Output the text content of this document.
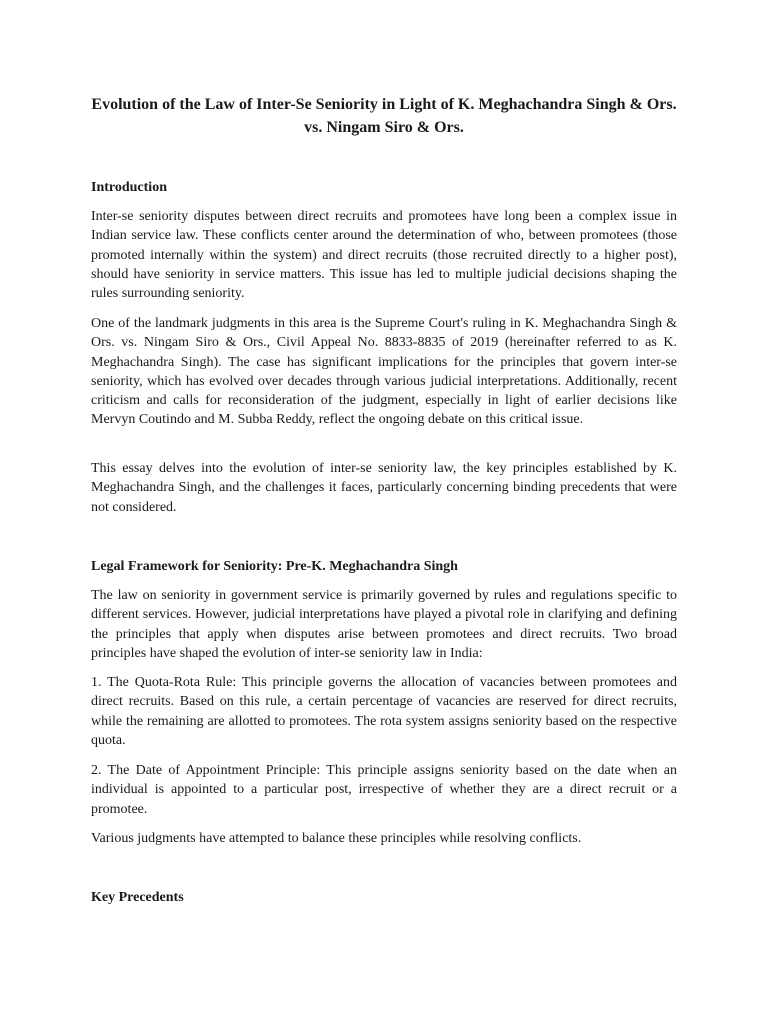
Evolution of the Law of Inter-Se Seniority in Light of K. Meghachandra Singh & Ors. vs. Ningam Siro & Ors.
Introduction

Inter-se seniority disputes between direct recruits and promotees have long been a complex issue in Indian service law. These conflicts center around the determination of who, between promotees (those promoted internally within the system) and direct recruits (those recruited directly to a higher post), should have seniority in service matters. This issue has led to multiple judicial decisions shaping the rules surrounding seniority.

One of the landmark judgments in this area is the Supreme Court's ruling in K. Meghachandra Singh & Ors. vs. Ningam Siro & Ors., Civil Appeal No. 8833-8835 of 2019 (hereinafter referred to as K. Meghachandra Singh). The case has significant implications for the principles that govern inter-se seniority, which has evolved over decades through various judicial interpretations. Additionally, recent criticism and calls for reconsideration of the judgment, especially in light of earlier decisions like Mervyn Coutindo and M. Subba Reddy, reflect the ongoing debate on this critical issue.

This essay delves into the evolution of inter-se seniority law, the key principles established by K. Meghachandra Singh, and the challenges it faces, particularly concerning binding precedents that were not considered.

Legal Framework for Seniority: Pre-K. Meghachandra Singh

The law on seniority in government service is primarily governed by rules and regulations specific to different services. However, judicial interpretations have played a pivotal role in clarifying and defining the principles that apply when disputes arise between promotees and direct recruits. Two broad principles have shaped the evolution of inter-se seniority law in India:

1. The Quota-Rota Rule: This principle governs the allocation of vacancies between promotees and direct recruits. Based on this rule, a certain percentage of vacancies are reserved for direct recruits, while the remaining are allotted to promotees. The rota system assigns seniority based on the respective quota.

2. The Date of Appointment Principle: This principle assigns seniority based on the date when an individual is appointed to a particular post, irrespective of whether they are a direct recruit or a promotee.

Various judgments have attempted to balance these principles while resolving conflicts.

Key Precedents
